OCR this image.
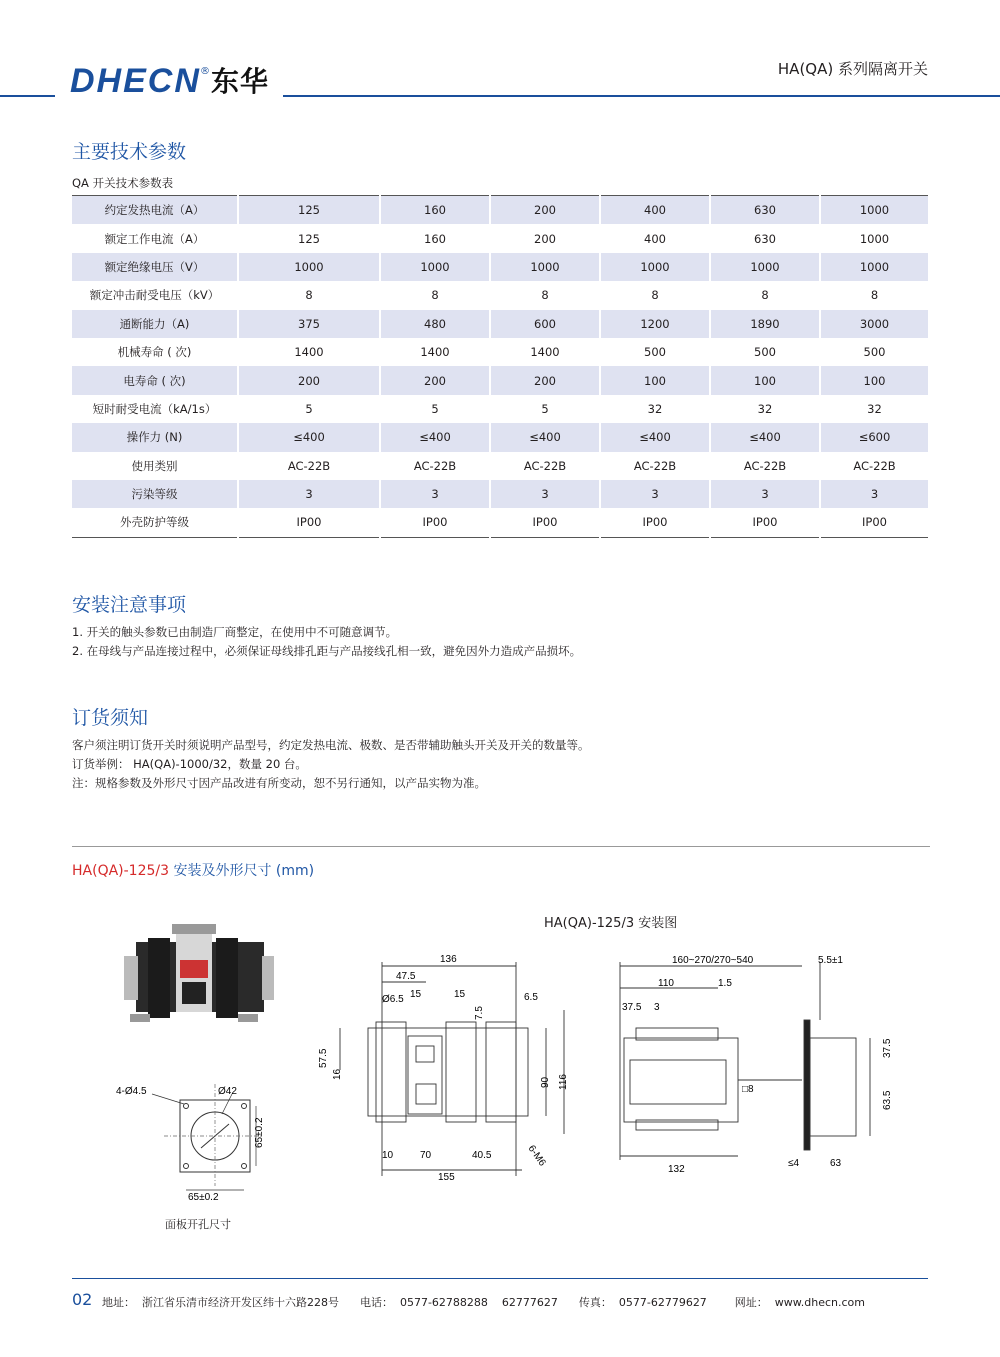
DHECN ® 东华	HA(QA) 系列隔离开关
主要技术参数
QA 开关技术参数表
约定发热电流（A）	125	160	200	400	630	1000
额定工作电流（A）	125	160	200	400	630	1000
额定绝缘电压（V）	1000	1000	1000	1000	1000	1000
额定冲击耐受电压（kV）	8	8	8	8	8	8
通断能力（A)	375	480	600	1200	1890	3000
机械寿命 ( 次)	1400	1400	1400	500	500	500
电寿命 ( 次)	200	200	200	100	100	100
短时耐受电流（kA/1s）	5	5	5	32	32	32
操作力 (N)	≤400	≤400	≤400	≤400	≤400	≤600
使用类别	AC-22B	AC-22B	AC-22B	AC-22B	AC-22B	AC-22B
污染等级	3	3	3	3	3	3
外壳防护等级	IP00	IP00	IP00	IP00	IP00	IP00
安装注意事项
1. 开关的触头参数已由制造厂商整定，在使用中不可随意调节。
2. 在母线与产品连接过程中，必须保证母线排孔距与产品接线孔相一致，避免因外力造成产品损坏。
订货须知
客户须注明订货开关时须说明产品型号，约定发热电流、极数、是否带辅助触头开关及开关的数量等。
订货举例： HA(QA)-1000/32，数量 20 台。
注：规格参数及外形尺寸因产品改进有所变动，恕不另行通知，以产品实物为准。
HA(QA)-125/3 安装及外形尺寸 (mm)
HA(QA)-125/3 安装图
4-Ø4.5	Ø42
65±0.2
65±0.2
面板开孔尺寸
136
47.5
Ø6.5 15	15	6.5
7.5
57.5
16
90 116
10	70	40.5
155
6-M6
160~270/270~540	5.5±1
110	1.5
37.5 3
□8
37.5
63.5
132
≤4	63
02 地址：  浙江省乐清市经济开发区纬十六路228号      电话：  0577-62788288    62777627      传真：  0577-62779627        网址：  www.dhecn.com
